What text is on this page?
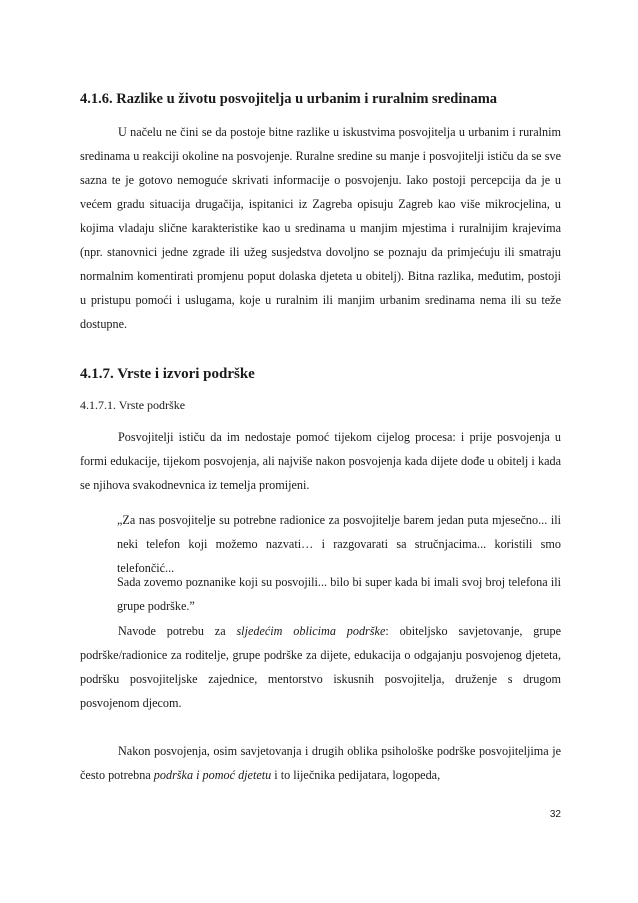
4.1.6. Razlike u životu posvojitelja u urbanim i ruralnim sredinama

U načelu ne čini se da postoje bitne razlike u iskustvima posvojitelja u urbanim i ruralnim sredinama u reakciji okoline na posvojenje. Ruralne sredine su manje i posvojitelji ističu da se sve sazna te je gotovo nemoguće skrivati informacije o posvojenju. Iako postoji percepcija da je u većem gradu situacija drugačija, ispitanici iz Zagreba opisuju Zagreb kao više mikrocjelina, u kojima vladaju slične karakteristike kao u sredinama u manjim mjestima i ruralnijim krajevima (npr. stanovnici jedne zgrade ili užeg susjedstva dovoljno se poznaju da primjećuju ili smatraju normalnim komentirati promjenu poput dolaska djeteta u obitelj). Bitna razlika, međutim, postoji u pristupu pomoći i uslugama, koje u ruralnim ili manjim urbanim sredinama nema ili su teže dostupne.

4.1.7. Vrste i izvori podrške

4.1.7.1. Vrste podrške

Posvojitelji ističu da im nedostaje pomoć tijekom cijelog procesa: i prije posvojenja u formi edukacije, tijekom posvojenja, ali najviše nakon posvojenja kada dijete dođe u obitelj i kada se njihova svakodnevnica iz temelja promijeni.

„Za nas posvojitelje su potrebne radionice za posvojitelje barem jedan puta mjesečno... ili neki telefon koji možemo nazvati… i razgovarati sa stručnjacima... koristili smo telefončić...

Sada zovemo poznanike koji su posvojili... bilo bi super kada bi imali svoj broj telefona ili grupe podrške.”

Navode potrebu za sljedećim oblicima podrške: obiteljsko savjetovanje, grupe podrške/radionice za roditelje, grupe podrške za dijete, edukacija o odgajanju posvojenog djeteta, podršku posvojiteljske zajednice, mentorstvo iskusnih posvojitelja, druženje s drugom posvojenom djecom.

Nakon posvojenja, osim savjetovanja i drugih oblika psihološke podrške posvojiteljima je često potrebna podrška i pomoć djetetu i to liječnika pedijatara, logopeda,

32
